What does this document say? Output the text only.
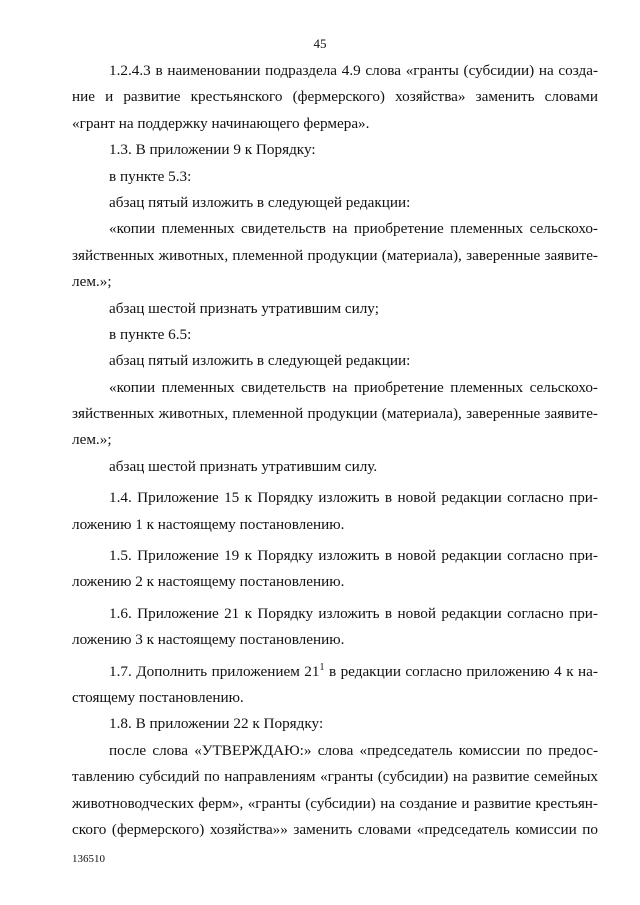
45
1.2.4.3 в наименовании подраздела 4.9 слова «гранты (субсидии) на созда-
ние и развитие крестьянского (фермерского) хозяйства» заменить словами
«грант на поддержку начинающего фермера».
1.3. В приложении 9 к Порядку:
в пункте 5.3:
абзац пятый изложить в следующей редакции:
«копии племенных свидетельств на приобретение племенных сельскохо-
зяйственных животных, племенной продукции (материала), заверенные заявите-
лем.»;
абзац шестой признать утратившим силу;
в пункте 6.5:
абзац пятый изложить в следующей редакции:
«копии племенных свидетельств на приобретение племенных сельскохо-
зяйственных животных, племенной продукции (материала), заверенные заявите-
лем.»;
абзац шестой признать утратившим силу.
1.4. Приложение 15 к Порядку изложить в новой редакции согласно при-
ложению 1 к настоящему постановлению.
1.5. Приложение 19 к Порядку изложить в новой редакции согласно при-
ложению 2 к настоящему постановлению.
1.6. Приложение 21 к Порядку изложить в новой редакции согласно при-
ложению 3 к настоящему постановлению.
1.7. Дополнить приложением $21^1$ в редакции согласно приложению 4 к на-
стоящему постановлению.
1.8. В приложении 22 к Порядку:
после слова «УТВЕРЖДАЮ:» слова «председатель комиссии по предос-
тавлению субсидий по направлениям «гранты (субсидии) на развитие семейных
животноводческих ферм», «гранты (субсидии) на создание и развитие крестьян-
ского (фермерского) хозяйства»» заменить словами «председатель комиссии по
136510
